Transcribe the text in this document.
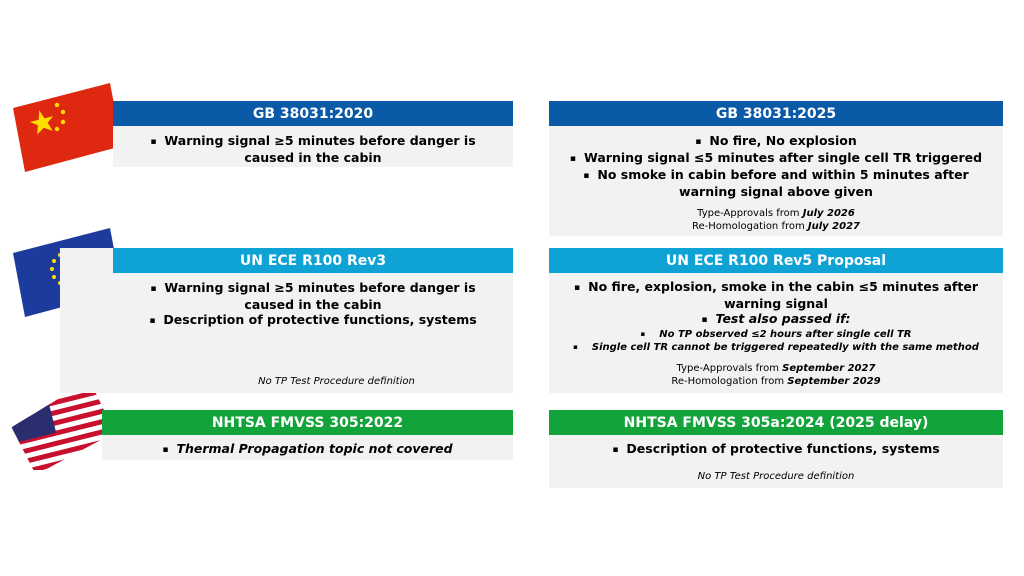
GB 38031:2020

▪ Warning signal ≥5 minutes before danger is

caused in the cabin

GB 38031:2025

▪ No fire, No explosion

▪ Warning signal ≤5 minutes after single cell TR triggered

▪ No smoke in cabin before and within 5 minutes after

warning signal above given

Type-Approvals from July 2026
Re-Homologation from July 2027
UN ECE R100 Rev3

▪ Warning signal ≥5 minutes before danger is

caused in the cabin

▪ Description of protective functions, systems

No TP Test Procedure definition
UN ECE R100 Rev5 Proposal

▪ No fire, explosion, smoke in the cabin ≤5 minutes after

warning signal

▪ Test also passed if:

▪ No TP observed ≤2 hours after single cell TR
▪ Single cell TR cannot be triggered repeatedly with the same method
Type-Approvals from September 2027
Re-Homologation from September 2029
NHTSA FMVSS 305:2022

▪ Thermal Propagation topic not covered

NHTSA FMVSS 305a:2024 (2025 delay)

▪ Description of protective functions, systems

No TP Test Procedure definition
